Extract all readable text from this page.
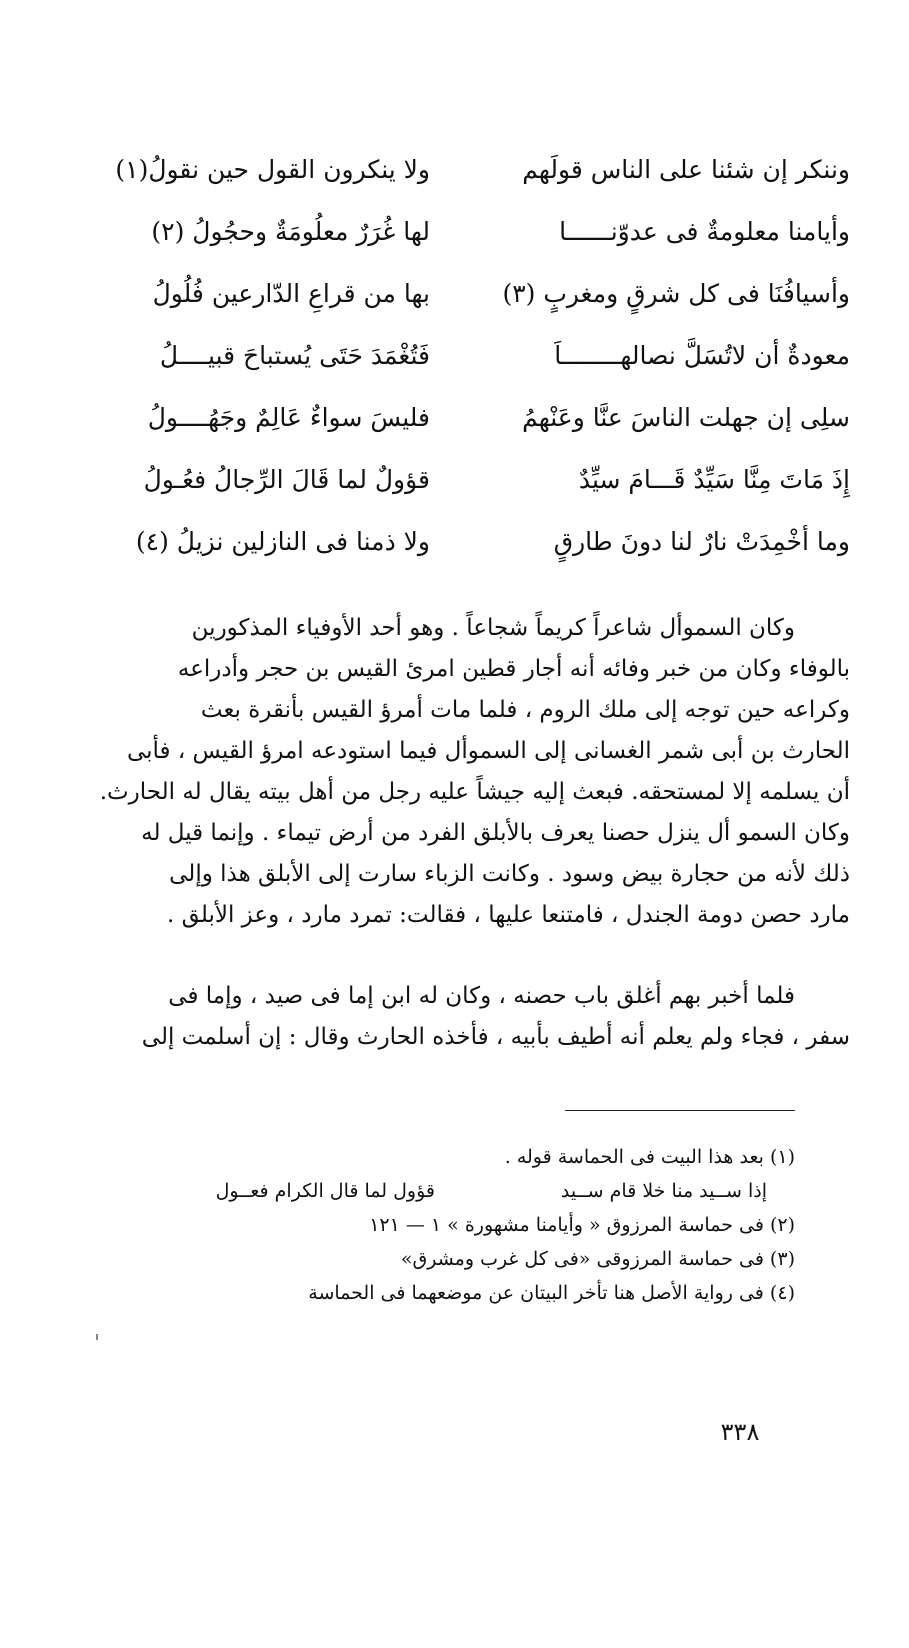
وننكر إن شئنا على الناس قولَهم
ولا ينكرون القول حين نقولُ(١)
وأيامنا معلومةٌ فى عدوّنــــــا
لها غُرَرٌ معلُومَةٌ وحجُولُ (٢)
وأسيافُنَا فى كل شرقٍ ومغربٍ (٣)
بها من قراعِ الدّارعين فُلُولُ
معودةٌ أن لاتُسَلَّ نصالهــــــــاَ
فَتُغْمَدَ حَتَى يُستباحَ قبيــــلُ
سلِى إن جهلت الناسَ عنَّا وعَنْهمُ
فليسَ سواءٌ عَالِمٌ وجَهُــــولُ
إِذَ مَاتَ مِنَّا سَيِّدٌ قَـــامَ سيِّدٌ
قؤولٌ لما قَالَ الرِّجالُ فعُـولُ
وما أخْمِدَتْ نارٌ لنا دونَ طارقٍ
ولا ذمنا فى النازلين نزيلُ (٤)

وكان السموأل شاعراً كريماً شجاعاً . وهو أحد الأوفياء المذكورين

بالوفاء وكان من خبر وفائه أنه أجار قطين امرئ القيس بن حجر وأدراعه

وكراعه حين توجه إلى ملك الروم ، فلما مات أمرؤ القيس بأنقرة بعث

الحارث بن أبى شمر الغسانى إلى السموأل فيما استودعه امرؤ القيس ، فأبى

أن يسلمه إلا لمستحقه. فبعث إليه جيشاً عليه رجل من أهل بيته يقال له الحارث.

وكان السمو أل ينزل حصنا يعرف بالأبلق الفرد من أرض تيماء . وإنما قيل له

ذلك لأنه من حجارة بيض وسود . وكانت الزباء سارت إلى الأبلق هذا وإلى

مارد حصن دومة الجندل ، فامتنعا عليها ، فقالت: تمرد مارد ، وعز الأبلق .

فلما أخبر بهم أغلق باب حصنه ، وكان له ابن إما فى صيد ، وإما فى

سفر ، فجاء ولم يعلم أنه أطيف بأبيه ، فأخذه الحارث وقال : إن أسلمت إلى

(١) بعد هذا البيت فى الحماسة قوله .
إذا ســيد منا خلا قام ســيد
قؤول لما قال الكرام فعــول
(٢) فى حماسة المرزوق « وأيامنا مشهورة » ١ — ١٢١
(٣) فى حماسة المرزوقى «فى كل غرب ومشرق»
(٤) فى رواية الأصل هنا تأخر البيتان عن موضعهما فى الحماسة
٣٣٨
